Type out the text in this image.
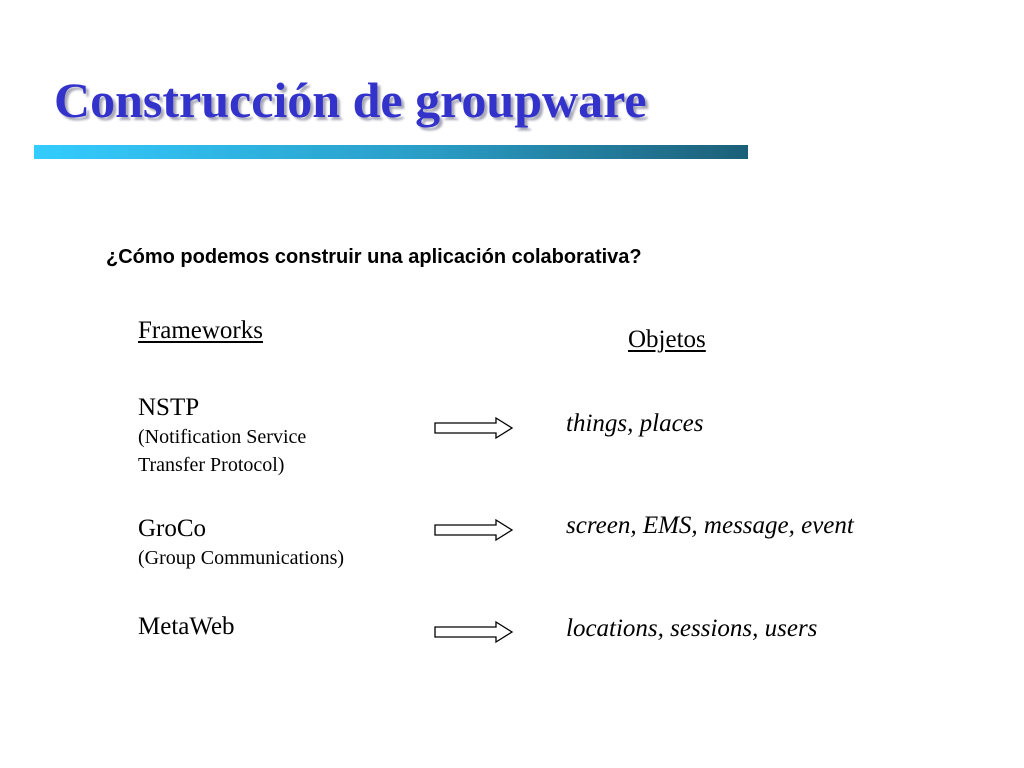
Construcción de groupware
¿Cómo podemos construir una aplicación colaborativa?
Frameworks	Objetos
NSTP
(Notification Service
Transfer Protocol)
things, places
GroCo
(Group Communications)
screen, EMS, message, event
MetaWeb	locations, sessions, users
